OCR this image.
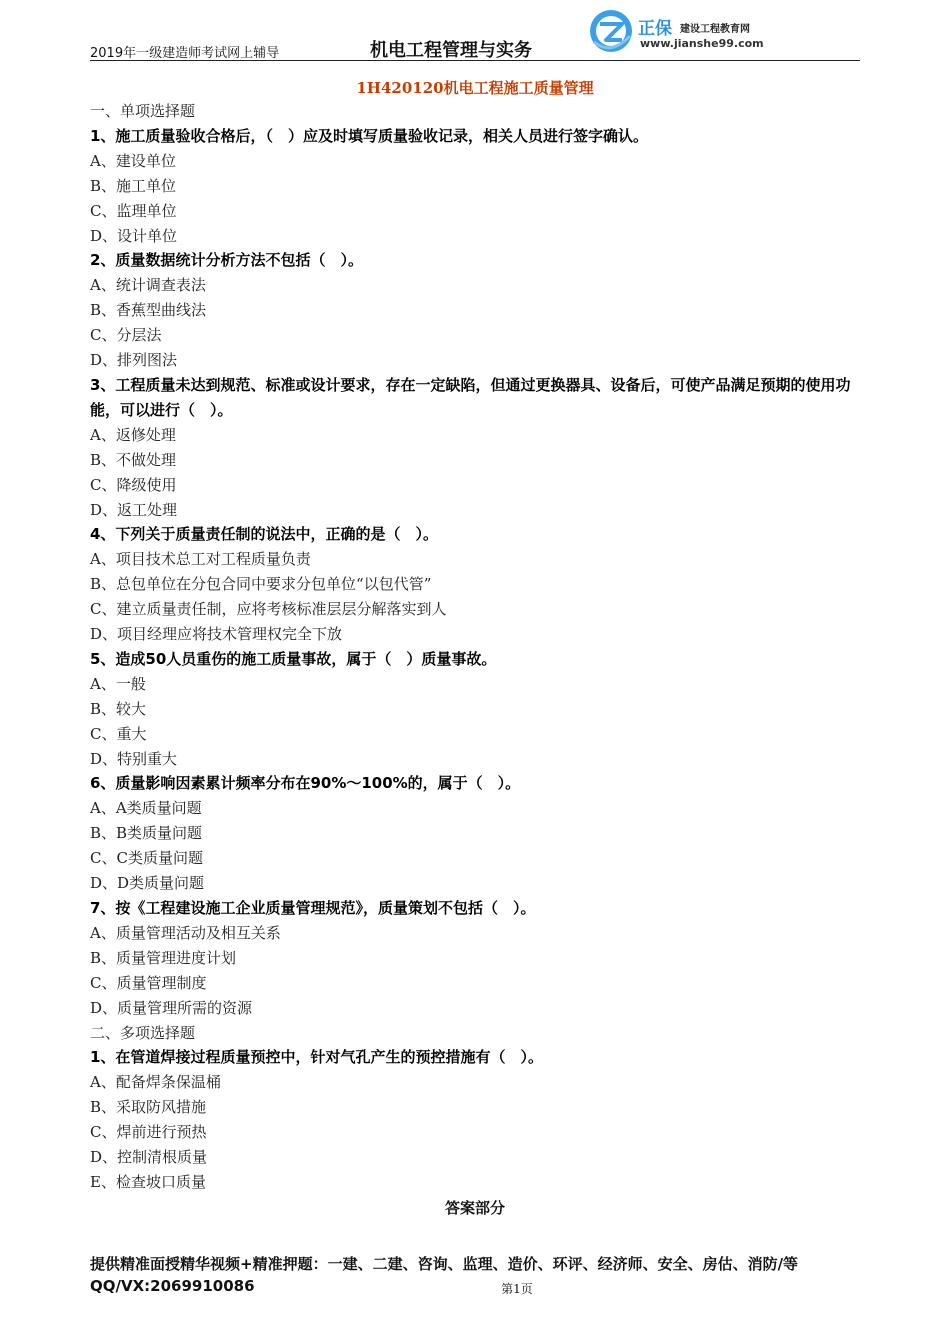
2019年一级建造师考试网上辅导	机电工程管理与实务
正保 建设工程教育网
www.jianshe99.com
1H420120机电工程施工质量管理
一、单项选择题
1、施工质量验收合格后，（　）应及时填写质量验收记录，相关人员进行签字确认。
A、建设单位
B、施工单位
C、监理单位
D、设计单位
2、质量数据统计分析方法不包括（　）。
A、统计调查表法
B、香蕉型曲线法
C、分层法
D、排列图法
3、工程质量未达到规范、标准或设计要求，存在一定缺陷，但通过更换器具、设备后，可使产品满足预期的使用功能，可以进行（　）。
A、返修处理
B、不做处理
C、降级使用
D、返工处理
4、下列关于质量责任制的说法中，正确的是（　）。
A、项目技术总工对工程质量负责
B、总包单位在分包合同中要求分包单位“以包代管”
C、建立质量责任制，应将考核标准层层分解落实到人
D、项目经理应将技术管理权完全下放
5、造成50人员重伤的施工质量事故，属于（　）质量事故。
A、一般
B、较大
C、重大
D、特别重大
6、质量影响因素累计频率分布在90%～100%的，属于（　）。
A、A类质量问题
B、B类质量问题
C、C类质量问题
D、D类质量问题
7、按《工程建设施工企业质量管理规范》，质量策划不包括（　）。
A、质量管理活动及相互关系
B、质量管理进度计划
C、质量管理制度
D、质量管理所需的资源
二、多项选择题
1、在管道焊接过程质量预控中，针对气孔产生的预控措施有（　）。
A、配备焊条保温桶
B、采取防风措施
C、焊前进行预热
D、控制清根质量
E、检查坡口质量
答案部分
提供精准面授精华视频+精准押题：一建、二建、咨询、监理、造价、环评、经济师、安全、房估、消防/等
QQ/VX:2069910086	第1页
